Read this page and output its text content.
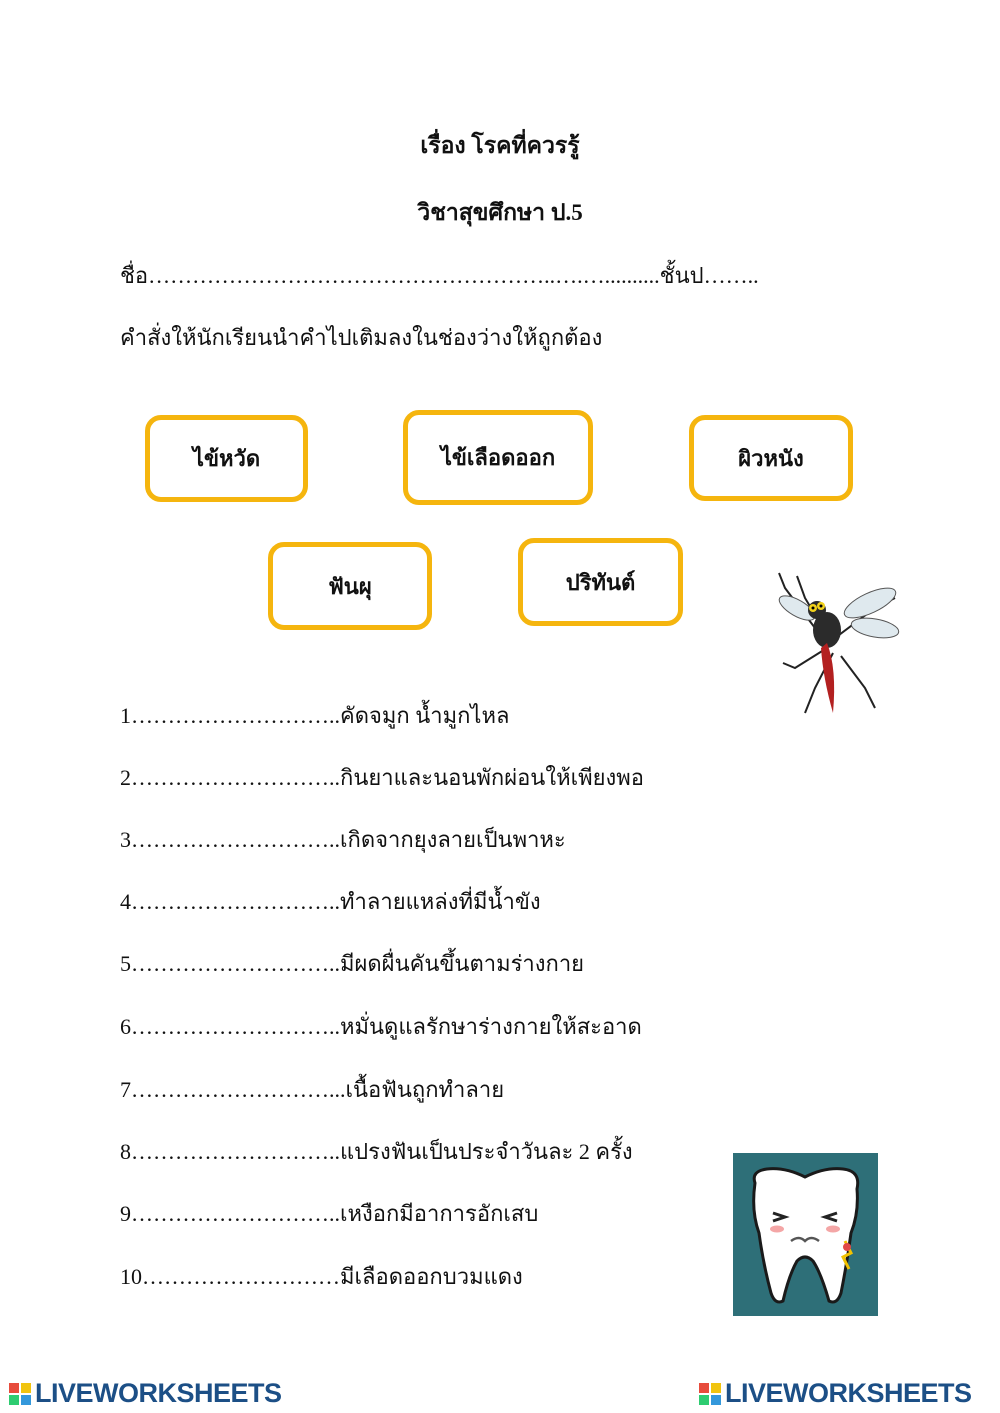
เรื่อง โรคที่ควรรู้
วิชาสุขศึกษา ป.5
ชื่อ………………………………………………..….…..........ชั้นป……..
คำสั่งให้นักเรียนนำคำไปเติมลงในช่องว่างให้ถูกต้อง
ไข้หวัด	ไข้เลือดออก	ผิวหนัง
ฟันผุ	ปริทันต์
1………………………..คัดจมูก น้ำมูกไหล
2………………………..กินยาและนอนพักผ่อนให้เพียงพอ
3………………………..เกิดจากยุงลายเป็นพาหะ
4………………………..ทำลายแหล่งที่มีน้ำขัง
5………………………..มีผดผื่นคันขึ้นตามร่างกาย
6………………………..หมั่นดูแลรักษาร่างกายให้สะอาด
7………………………...เนื้อฟันถูกทำลาย
8………………………..แปรงฟันเป็นประจำวันละ 2 ครั้ง
9………………………..เหงือกมีอาการอักเสบ
10………………………มีเลือดออกบวมแดง
LIVEWORKSHEETS	LIVEWORKSHEETS
